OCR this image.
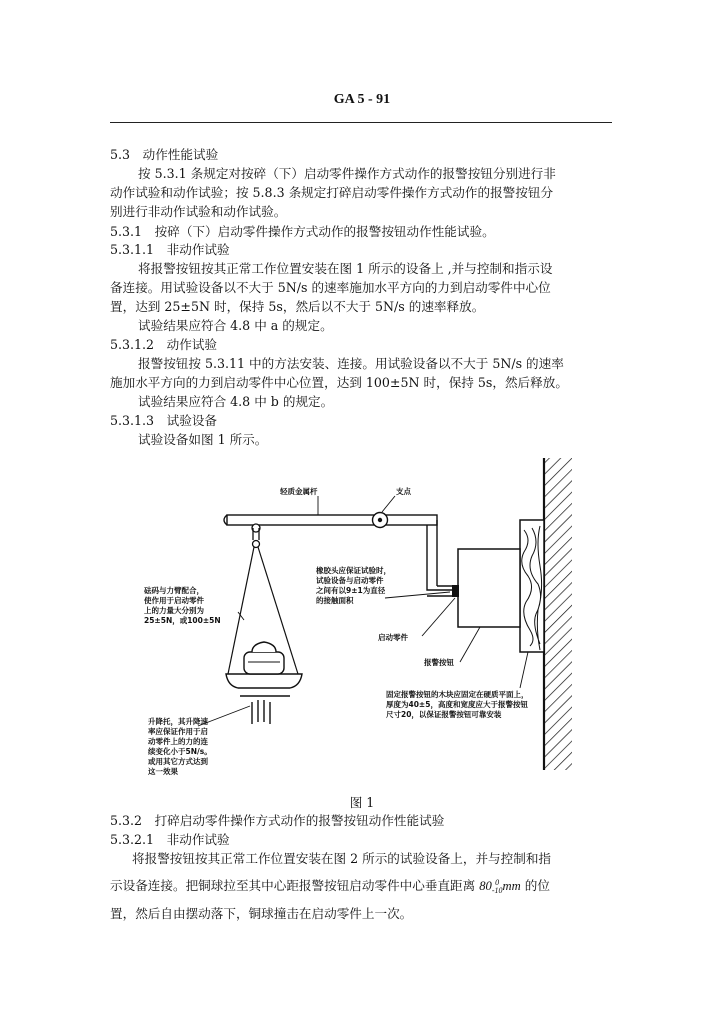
GA 5 - 91
5.3　动作性能试验
按 5.3.1 条规定对按碎（下）启动零件操作方式动作的报警按钮分别进行非
动作试验和动作试验；按 5.8.3 条规定打碎启动零件操作方式动作的报警按钮分
别进行非动作试验和动作试验。
5.3.1　按碎（下）启动零件操作方式动作的报警按钮动作性能试验。
5.3.1.1　非动作试验
将报警按钮按其正常工作位置安装在图 1 所示的设备上 ,并与控制和指示设
备连接。用试验设备以不大于 5N/s 的速率施加水平方向的力到启动零件中心位
置，达到 25±5N 时，保持 5s，然后以不大于 5N/s 的速率释放。
试验结果应符合 4.8 中 a 的规定。
5.3.1.2　动作试验
报警按钮按 5.3.11 中的方法安装、连接。用试验设备以不大于 5N/s 的速率
施加水平方向的力到启动零件中心位置，达到 100±5N 时，保持 5s，然后释放。
试验结果应符合 4.8 中 b 的规定。
5.3.1.3　试验设备
试验设备如图 1 所示。
轻质金属杆	支点
砝码与力臂配合，
使作用于启动零件
上的力量大分别为
25±5N，或100±5N
橡胶头应保证试验时，
试验设备与启动零件
之间有以9±1为直径
的接触面积
启动零件
报警按钮
升降托，其升降速
率应保证作用于启
动零件上的力的连
续变化小于5N/s。
或用其它方式达到
这一效果
固定报警按钮的木块应固定在硬质平面上，
厚度为40±5，高度和宽度应大于报警按钮
尺寸20，以保证报警按钮可靠安装
图 1
5.3.2　打碎启动零件操作方式动作的报警按钮动作性能试验
5.3.2.1　非动作试验
将报警按钮按其正常工作位置安装在图 2 所示的试验设备上，并与控制和指
示设备连接。把铜球拉至其中心距报警按钮启动零件中心垂直距离 80 0
-10 mm 的位
置，然后自由摆动落下，铜球撞击在启动零件上一次。
